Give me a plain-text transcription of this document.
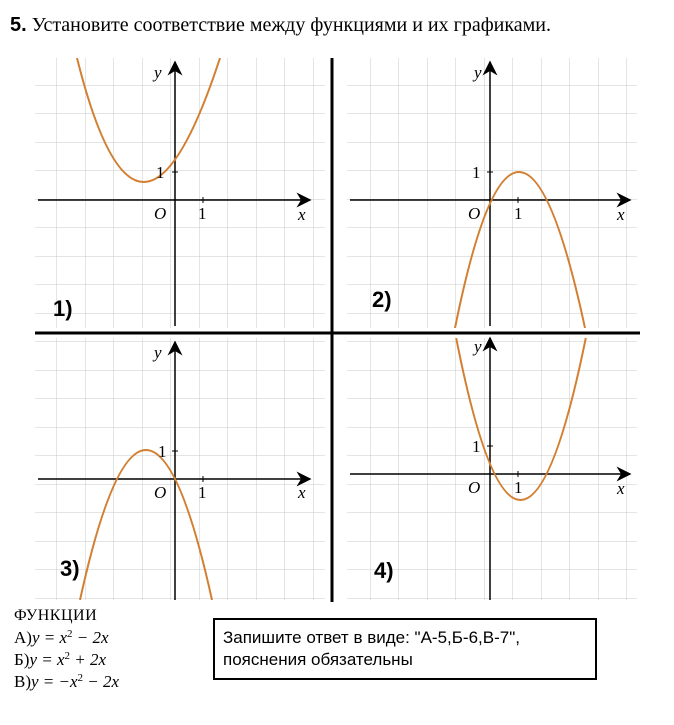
5. Установите соответствие между функциями и их графиками.
y
x
O 1
1
1)
y
x
O 1
1
2)
y
x
O 1
1
3)
y
x
O 1
1
4)
ФУНКЦИИ
$А)y = x^2 - 2x$
$Б)y = x^2 + 2x$
$В)y = -x^2 - 2x$
Запишите ответ в виде: "А-5,Б-6,В-7",
пояснения обязательны
